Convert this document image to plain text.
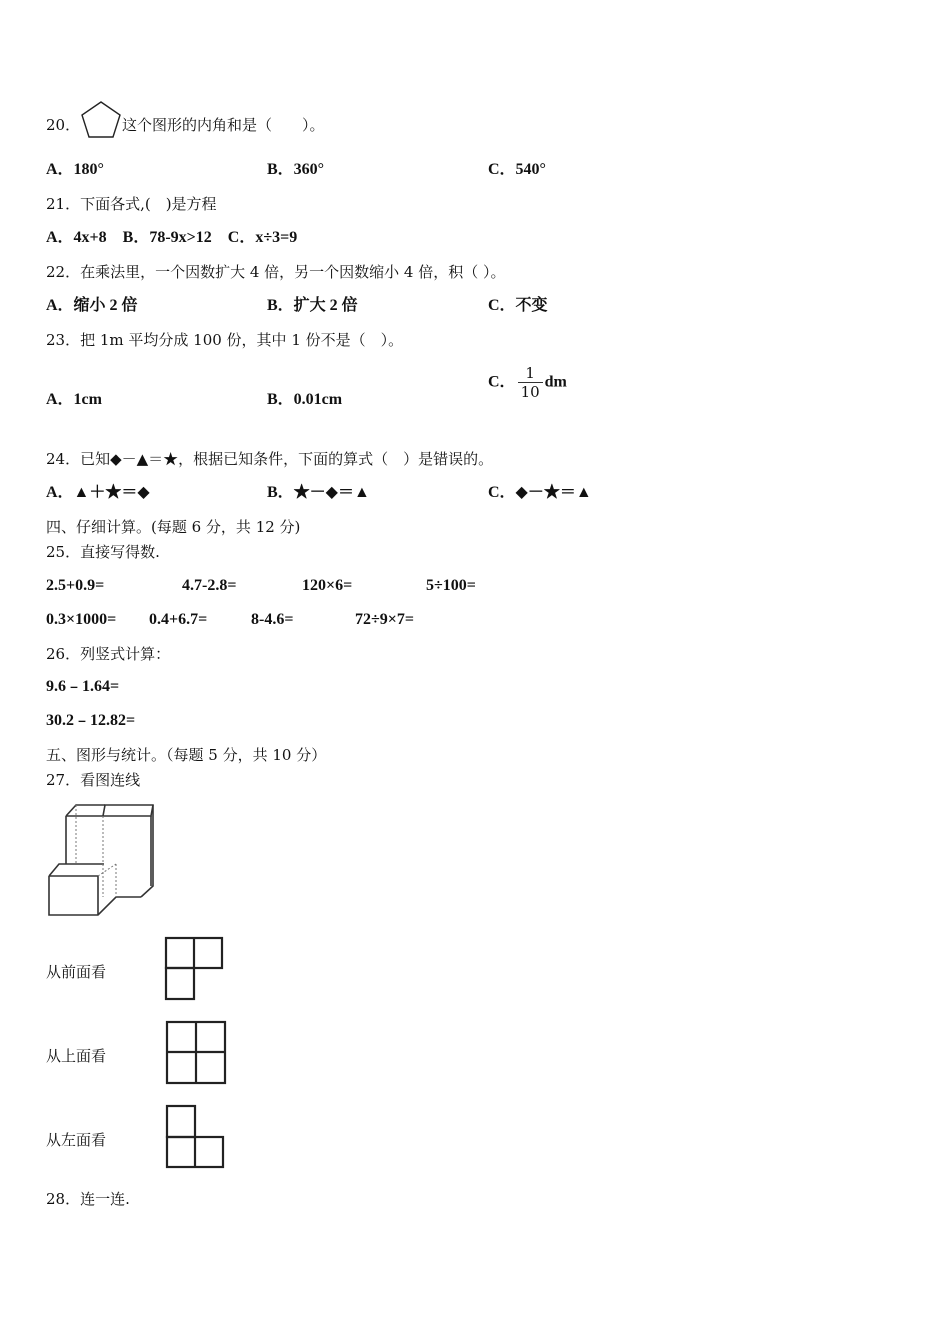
20．	这个图形的内角和是（　　）。
A．180°	B．360°	C．540°
21．下面各式,(　)是方程
A．4x+8　B．78-9x>12　C．x÷3=9
22．在乘法里，一个因数扩大 4 倍，另一个因数缩小 4 倍，积（ ）。
A．缩小 2 倍	B．扩大 2 倍	C．不变
23．把 1m 平均分成 100 份，其中 1 份不是（　）。
A．1cm	B．0.01cm
C． $\frac{1}{10}$ dm
24．已知◆－▲＝★，根据已知条件，下面的算式（　）是错误的。
A．▲＋★＝◆	B．★－◆＝▲	C．◆－★＝▲
四、仔细计算。(每题 6 分，共 12 分)
25．直接写得数.
2.5+0.9=	4.7-2.8=	120×6=	5÷100=
0.3×1000= 0.4+6.7=	8-4.6=	72÷9×7=
26．列竖式计算：
9.6﹣1.64=
30.2﹣12.82=
五、图形与统计。（每题 5 分，共 10 分）
27．看图连线
从前面看
从上面看
从左面看
28．连一连.
